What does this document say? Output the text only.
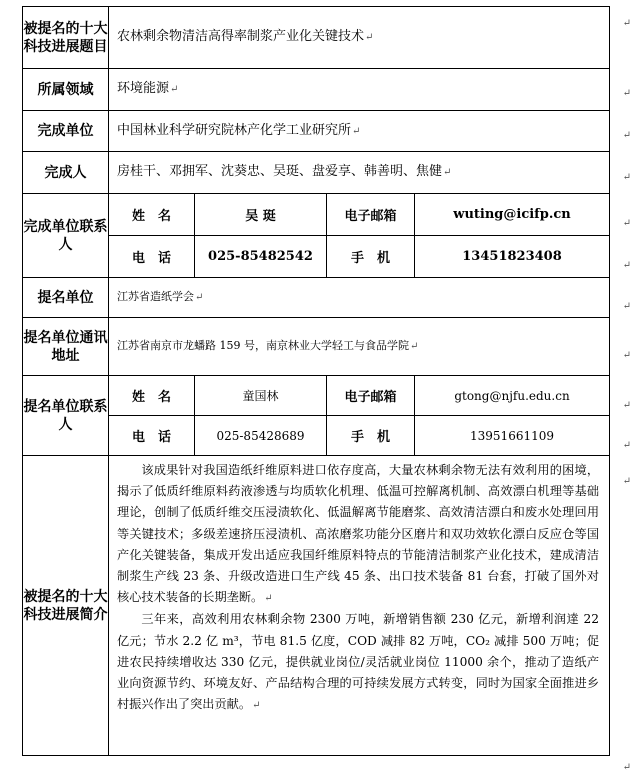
被提名的十大科技进展题目	农林剩余物清洁高得率制浆产业化关键技术↵			
所属领域	环境能源↵			
完成单位	中国林业科学研究院林产化学工业研究所↵			
完成人	房桂干、邓拥军、沈葵忠、吴珽、盘爱享、韩善明、焦健↵			
完成单位联系人	姓　名	吴 珽	电子邮箱	wuting@icifp.cn
	电　话	025-85482542	手　机	13451823408
提名单位	江苏省造纸学会↵			
提名单位通讯地址	江苏省南京市龙蟠路 159 号，南京林业大学轻工与食品学院↵			
提名单位联系人	姓　名	童国林	电子邮箱	gtong@njfu.edu.cn
	电　话	025-85428689	手　机	13951661109
被提名的十大科技进展简介	该成果针对我国造纸纤维原料进口依存度高，大量农林剩余物无法有效利用的困境，揭示了低质纤维原料药液渗透与均质软化机理、低温可控解离机制、高效漂白机理等基础理论，创制了低质纤维交压浸渍软化、低温解离节能磨浆、高效清洁漂白和废水处理回用等关键技术；多级差速挤压浸渍机、高浓磨浆功能分区磨片和双功效软化漂白反应仓等国产化关键装备，集成开发出适应我国纤维原料特点的节能清洁制浆产业化技术，建成清洁制浆生产线 23 条、升级改造进口生产线 45 条、出口技术装备 81 台套，打破了国外对核心技术装备的长期垄断。↵

三年来，高效利用农林剩余物 2300 万吨，新增销售额 230 亿元，新增利润達 22 亿元；节水 2.2 亿 m³，节电 81.5 亿度，COD 减排 82 万吨，CO₂ 减排 500 万吨；促进农民持续增收达 330 亿元，提供就业岗位/灵活就业岗位 11000 余个，推动了造纸产业向资源节约、环境友好、产品结构合理的可持续发展方式转变，同时为国家全面推进乡村振兴作出了突出贡献。↵			

↵
↵
↵
↵
↵
↵
↵
↵
↵
↵
↵
↵
